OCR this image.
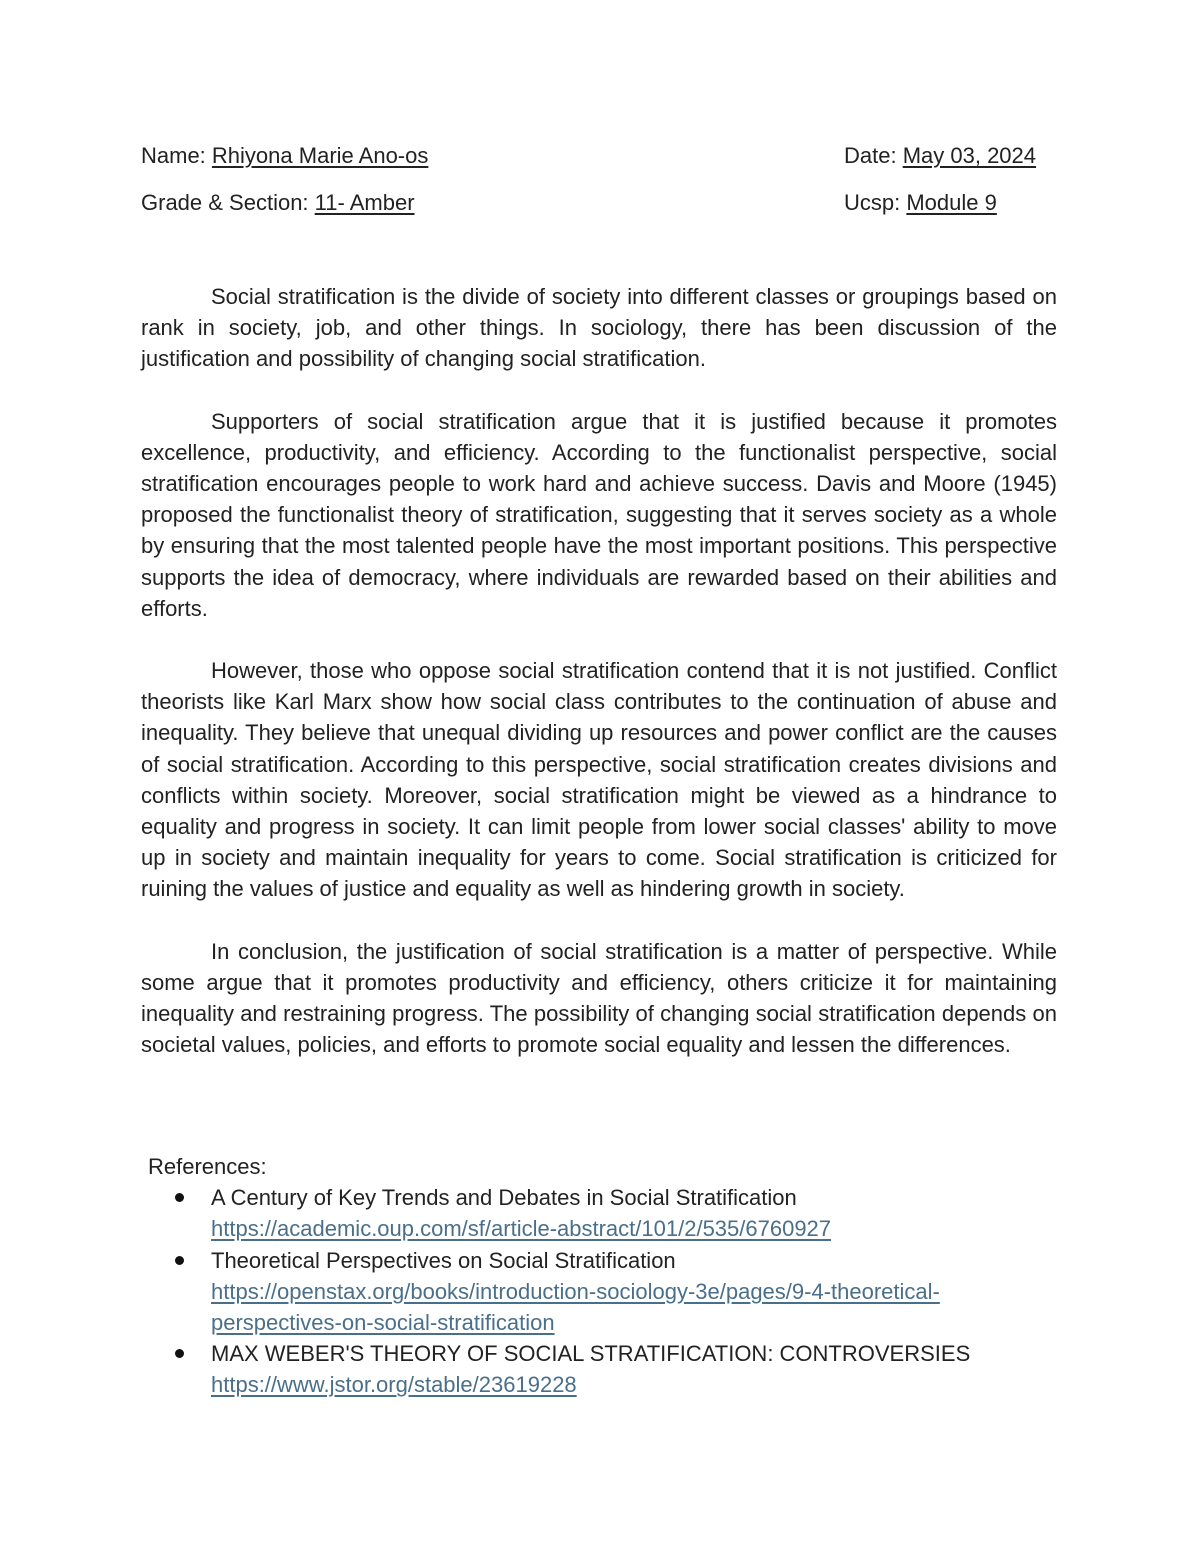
Name: Rhiyona Marie Ano-os	Date: May 03, 2024
Grade & Section: 11- Amber	Ucsp: Module 9

Social stratification is the divide of society into different classes or groupings based on rank in society, job, and other things. In sociology, there has been discussion of the justification and possibility of changing social stratification.

Supporters of social stratification argue that it is justified because it promotes excellence, productivity, and efficiency. According to the functionalist perspective, social stratification encourages people to work hard and achieve success. Davis and Moore (1945) proposed the functionalist theory of stratification, suggesting that it serves society as a whole by ensuring that the most talented people have the most important positions. This perspective supports the idea of democracy, where individuals are rewarded based on their abilities and efforts.

However, those who oppose social stratification contend that it is not justified. Conflict theorists like Karl Marx show how social class contributes to the continuation of abuse and inequality. They believe that unequal dividing up resources and power conflict are the causes of social stratification. According to this perspective, social stratification creates divisions and conflicts within society. Moreover, social stratification might be viewed as a hindrance to equality and progress in society. It can limit people from lower social classes' ability to move up in society and maintain inequality for years to come. Social stratification is criticized for ruining the values of justice and equality as well as hindering growth in society.

In conclusion, the justification of social stratification is a matter of perspective. While some argue that it promotes productivity and efficiency, others criticize it for maintaining inequality and restraining progress. The possibility of changing social stratification depends on societal values, policies, and efforts to promote social equality and lessen the differences.

References:
A Century of Key Trends and Debates in Social Stratification
https://academic.oup.com/sf/article-abstract/101/2/535/6760927
Theoretical Perspectives on Social Stratification
https://openstax.org/books/introduction-sociology-3e/pages/9-4-theoretical-perspectives-on-social-stratification
MAX WEBER'S THEORY OF SOCIAL STRATIFICATION: CONTROVERSIES
https://www.jstor.org/stable/23619228
